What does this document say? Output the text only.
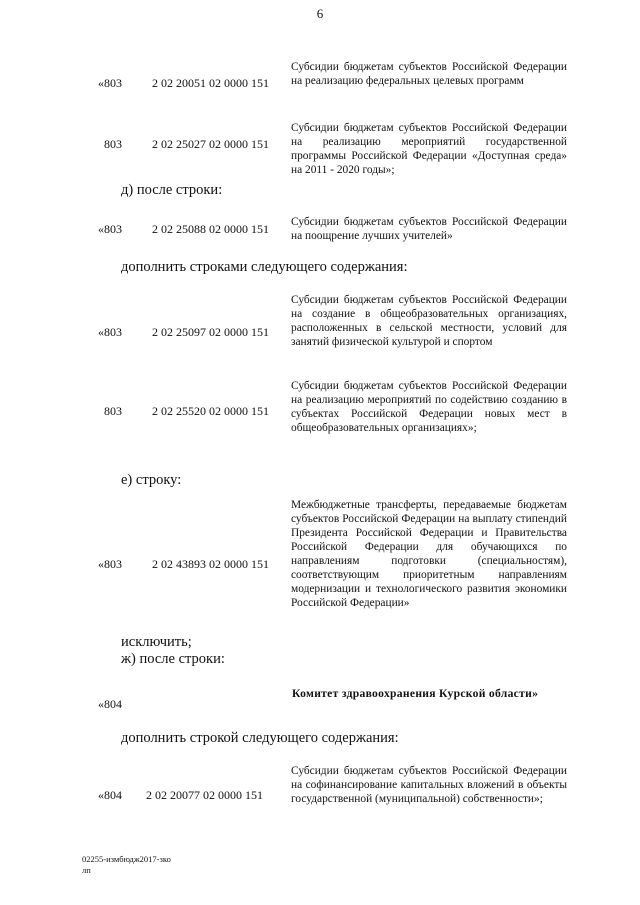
6
«803	2 02 20051 02 0000 151
Субсидии бюджетам субъектов Российской Федерации на реализацию федеральных целевых программ
803	2 02 25027 02 0000 151
Субсидии бюджетам субъектов Российской Федерации на реализацию мероприятий государственной программы Российской Федерации «Доступная среда» на 2011 - 2020 годы»;
д) после строки:
«803	2 02 25088 02 0000 151 Субсидии бюджетам субъектов Российской Федерации на поощрение лучших учителей»
дополнить строками следующего содержания:
«803	2 02 25097 02 0000 151
Субсидии бюджетам субъектов Российской Федерации на создание в общеобразовательных организациях, расположенных в сельской местности, условий для занятий физической культурой и спортом
803	2 02 25520 02 0000 151
Субсидии бюджетам субъектов Российской Федерации на реализацию мероприятий по содействию созданию в субъектах Российской Федерации новых мест в общеобразовательных организациях»;
е) строку:
«803	2 02 43893 02 0000 151
Межбюджетные трансферты, передаваемые бюджетам субъектов Российской Федерации на выплату стипендий Президента Российской Федерации и Правительства Российской Федерации для обучающихся по направлениям подготовки (специальностям), соответствующим приоритетным направлениям модернизации и технологического развития экономики Российской Федерации»
исключить;
ж) после строки:
«804
Комитет здравоохранения Курской области»
дополнить строкой следующего содержания:
«804 2 02 20077 02 0000 151
Субсидии бюджетам субъектов Российской Федерации на софинансирование капитальных вложений в объекты государственной (муниципальной) собственности»;
02255-измбюдж2017-зко
лп
